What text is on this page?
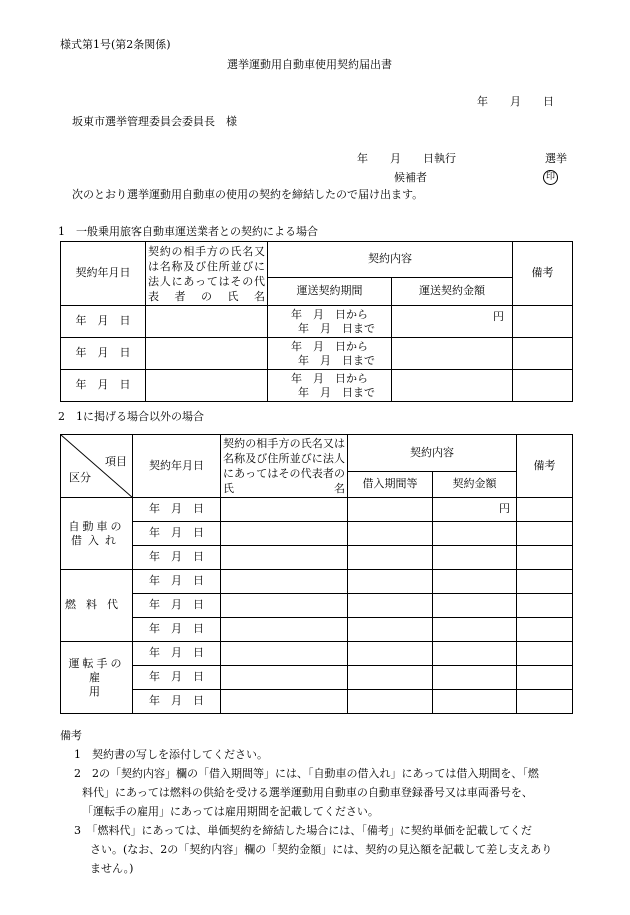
様式第1号(第2条関係)
選挙運動用自動車使用契約届出書
年　　月　　日
坂東市選挙管理委員会委員長　様
年　　月　　日執行	選挙
候補者	印
次のとおり選挙運動用自動車の使用の契約を締結したので届け出ます。
1　一般乗用旅客自動車運送業者との契約による場合
契約年月日	契約の相手方の氏名又は名称及び住所並びに法人にあってはその代表者の氏名	契約内容		備考
		運送契約期間	運送契約金額	
年　月　日		年　月　日から
年　月　日まで	円	
年　月　日		年　月　日から
年　月　日まで		

年　月　日		年　月　日から
年　月　日まで		

2　1に掲げる場合以外の場合
項目
区分	契約年月日	契約の相手方の氏名又は名称及び住所並びに法人にあってはその代表者の氏名	契約内容		備考
			借入期間等	契約金額	

自動車の
借入れ	年　月　日			円	
	年　月　日				
	年　月　日				
燃料代	年　月　日				
	年　月　日				
	年　月　日				

運転手の
雇用	年　月　日				
	年　月　日				
	年　月　日				
備考
1　契約書の写しを添付してください。
2　2の「契約内容」欄の「借入期間等」には、「自動車の借入れ」にあっては借入期間を、「燃
料代」にあっては燃料の供給を受ける選挙運動用自動車の自動車登録番号又は車両番号を、
「運転手の雇用」にあっては雇用期間を記載してください。
3　「燃料代」にあっては、単価契約を締結した場合には、「備考」に契約単価を記載してくだ
さい。(なお、2の「契約内容」欄の「契約金額」には、契約の見込額を記載して差し支えあり
ません。)
